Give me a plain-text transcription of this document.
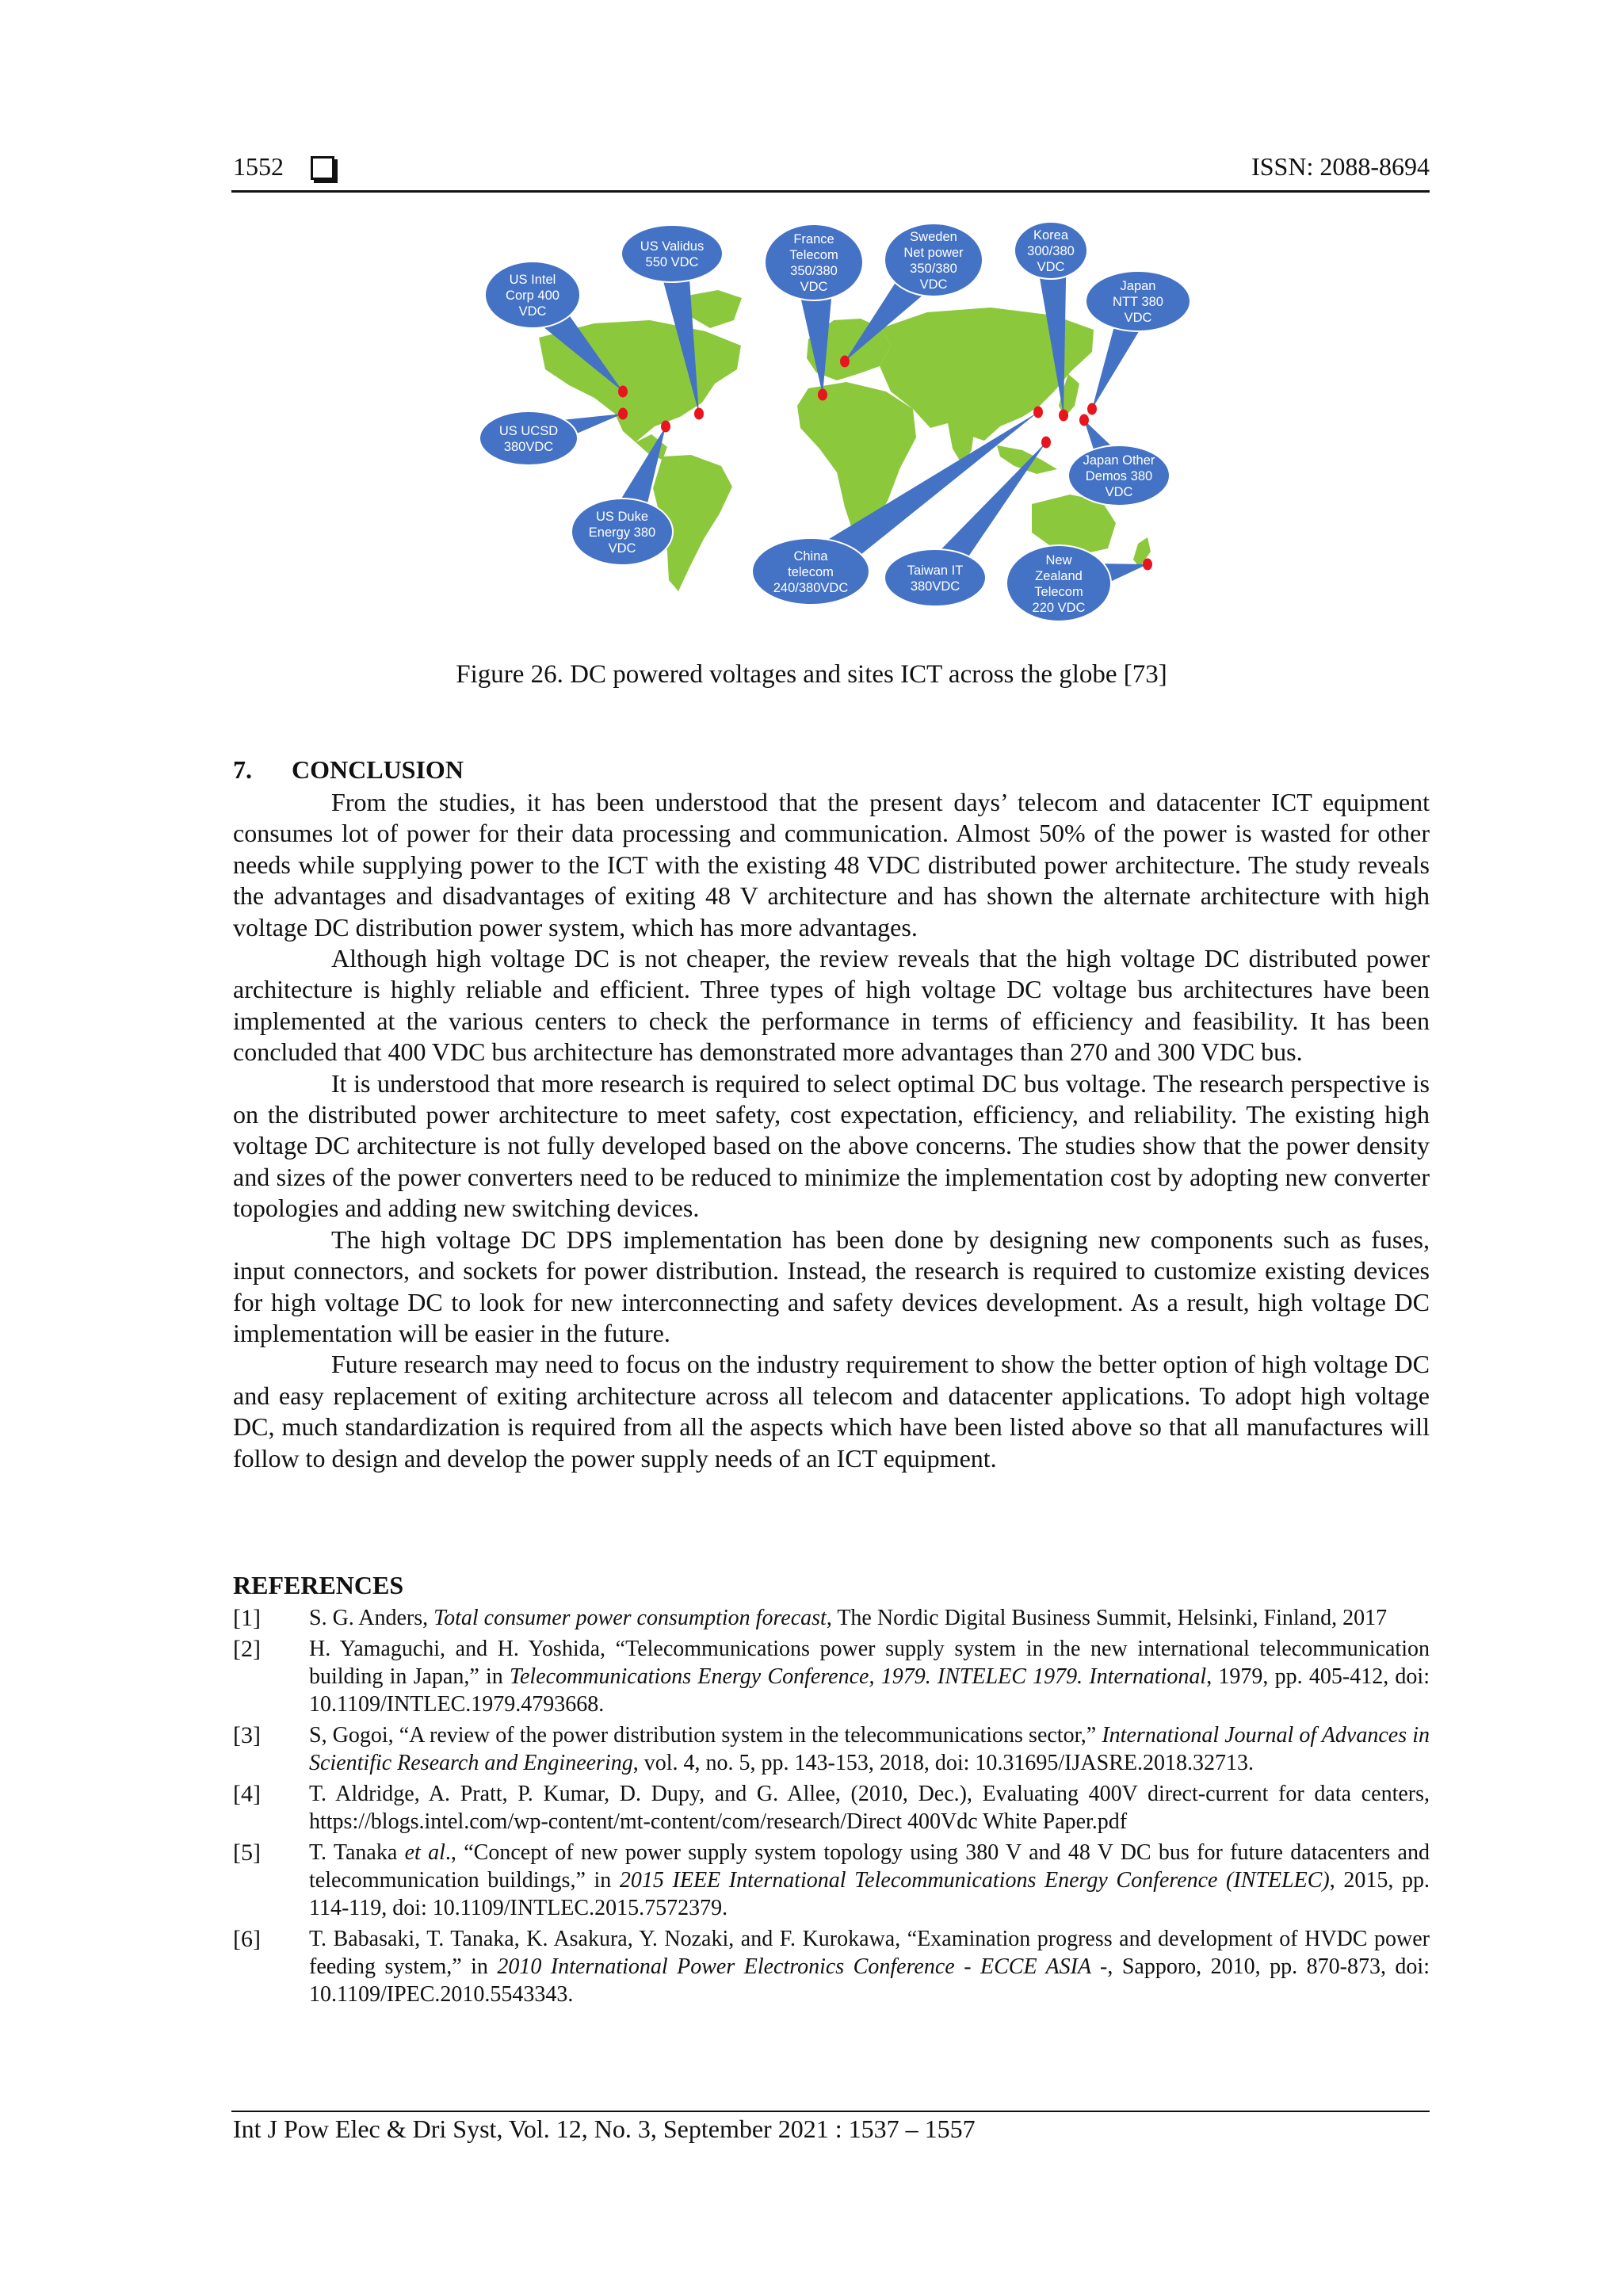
1552	ISSN: 2088-8694
US Intel
Corp 400
VDC
US Validus
550 VDC
France
Telecom
350/380
VDC
Sweden
Net power
350/380
VDC
Korea
300/380
VDC
Japan
NTT 380
VDC
US UCSD
380VDC
Japan Other
Demos 380
VDC
US Duke
Energy 380
VDC
China
telecom
240/380VDC
Taiwan IT
380VDC
New
Zealand
Telecom
220 VDC
Figure 26. DC powered voltages and sites ICT across the globe [73]
7. CONCLUSION

From the studies, it has been understood that the present days’ telecom and datacenter ICT equipment consumes lot of power for their data processing and communication. Almost 50% of the power is wasted for other needs while supplying power to the ICT with the existing 48 VDC distributed power architecture. The study reveals the advantages and disadvantages of exiting 48 V architecture and has shown the alternate architecture with high voltage DC distribution power system, which has more advantages.

Although high voltage DC is not cheaper, the review reveals that the high voltage DC distributed power architecture is highly reliable and efficient. Three types of high voltage DC voltage bus architectures have been implemented at the various centers to check the performance in terms of efficiency and feasibility. It has been concluded that 400 VDC bus architecture has demonstrated more advantages than 270 and 300 VDC bus.

It is understood that more research is required to select optimal DC bus voltage. The research perspective is on the distributed power architecture to meet safety, cost expectation, efficiency, and reliability. The existing high voltage DC architecture is not fully developed based on the above concerns. The studies show that the power density and sizes of the power converters need to be reduced to minimize the implementation cost by adopting new converter topologies and adding new switching devices.

The high voltage DC DPS implementation has been done by designing new components such as fuses, input connectors, and sockets for power distribution. Instead, the research is required to customize existing devices for high voltage DC to look for new interconnecting and safety devices development. As a result, high voltage DC implementation will be easier in the future.

Future research may need to focus on the industry requirement to show the better option of high voltage DC and easy replacement of exiting architecture across all telecom and datacenter applications. To adopt high voltage DC, much standardization is required from all the aspects which have been listed above so that all manufactures will follow to design and develop the power supply needs of an ICT equipment.

REFERENCES
[1]	S. G. Anders, Total consumer power consumption forecast, The Nordic Digital Business Summit, Helsinki, Finland, 2017
[2]	H. Yamaguchi, and H. Yoshida, “Telecommunications power supply system in the new international telecommunication building in Japan,” in Telecommunications Energy Conference, 1979. INTELEC 1979. International, 1979, pp. 405-412, doi: 10.1109/INTLEC.1979.4793668.
[3]	S, Gogoi, “A review of the power distribution system in the telecommunications sector,” International Journal of Advances in Scientific Research and Engineering, vol. 4, no. 5, pp. 143-153, 2018, doi: 10.31695/IJASRE.2018.32713.
[4]	T. Aldridge, A. Pratt, P. Kumar, D. Dupy, and G. Allee, (2010, Dec.), Evaluating 400V direct-current for data centers, https://blogs.intel.com/wp-content/mt-content/com/research/Direct 400Vdc White Paper.pdf
[5]	T. Tanaka et al., “Concept of new power supply system topology using 380 V and 48 V DC bus for future datacenters and telecommunication buildings,” in 2015 IEEE International Telecommunications Energy Conference (INTELEC), 2015, pp. 114-119, doi: 10.1109/INTLEC.2015.7572379.
[6]	T. Babasaki, T. Tanaka, K. Asakura, Y. Nozaki, and F. Kurokawa, “Examination progress and development of HVDC power feeding system,” in 2010 International Power Electronics Conference - ECCE ASIA -, Sapporo, 2010, pp. 870-873, doi: 10.1109/IPEC.2010.5543343.
Int J Pow Elec & Dri Syst, Vol. 12, No. 3, September 2021 : 1537 – 1557
